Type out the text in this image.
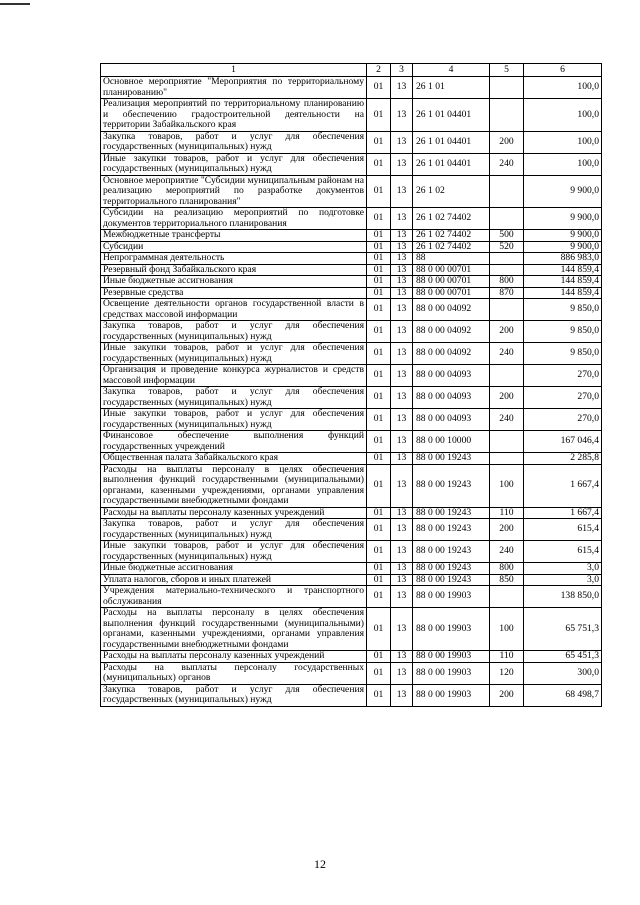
1	2	3	4	5	6
Основное мероприятие "Мероприятия по территориальному планированию"	01	13	26 1 01		100,0
Реализация мероприятий по территориальному планированию и обеспечению градостроительной деятельности на территории Забайкальского края	01	13	26 1 01 04401		100,0
Закупка товаров, работ и услуг для обеспечения государственных (муниципальных) нужд	01	13	26 1 01 04401	200	100,0
Иные закупки товаров, работ и услуг для обеспечения государственных (муниципальных) нужд	01	13	26 1 01 04401	240	100,0
Основное мероприятие "Субсидии муниципальным районам на реализацию мероприятий по разработке документов территориального планирования"	01	13	26 1 02		9 900,0
Субсидии на реализацию мероприятий по подготовке документов территориального планирования	01	13	26 1 02 74402		9 900,0
Межбюджетные трансферты	01	13	26 1 02 74402	500	9 900,0
Субсидии	01	13	26 1 02 74402	520	9 900,0
Непрограммная деятельность	01	13	88		886 983,0
Резервный фонд Забайкальского края	01	13	88 0 00 00701		144 859,4
Иные бюджетные ассигнования	01	13	88 0 00 00701	800	144 859,4
Резервные средства	01	13	88 0 00 00701	870	144 859,4
Освещение деятельности органов государственной власти в средствах массовой информации	01	13	88 0 00 04092		9 850,0
Закупка товаров, работ и услуг для обеспечения государственных (муниципальных) нужд	01	13	88 0 00 04092	200	9 850,0
Иные закупки товаров, работ и услуг для обеспечения государственных (муниципальных) нужд	01	13	88 0 00 04092	240	9 850,0
Организация и проведение конкурса журналистов и средств массовой информации	01	13	88 0 00 04093		270,0
Закупка товаров, работ и услуг для обеспечения государственных (муниципальных) нужд	01	13	88 0 00 04093	200	270,0
Иные закупки товаров, работ и услуг для обеспечения государственных (муниципальных) нужд	01	13	88 0 00 04093	240	270,0
Финансовое обеспечение выполнения функций государственных учреждений	01	13	88 0 00 10000		167 046,4
Общественная палата Забайкальского края	01	13	88 0 00 19243		2 285,8
Расходы на выплаты персоналу в целях обеспечения выполнения функций государственными (муниципальными) органами, казенными учреждениями, органами управления государственными внебюджетными фондами	01	13	88 0 00 19243	100	1 667,4
Расходы на выплаты персоналу казенных учреждений	01	13	88 0 00 19243	110	1 667,4
Закупка товаров, работ и услуг для обеспечения государственных (муниципальных) нужд	01	13	88 0 00 19243	200	615,4
Иные закупки товаров, работ и услуг для обеспечения государственных (муниципальных) нужд	01	13	88 0 00 19243	240	615,4
Иные бюджетные ассигнования	01	13	88 0 00 19243	800	3,0
Уплата налогов, сборов и иных платежей	01	13	88 0 00 19243	850	3,0
Учреждения материально-технического и транспортного обслуживания	01	13	88 0 00 19903		138 850,0
Расходы на выплаты персоналу в целях обеспечения выполнения функций государственными (муниципальными) органами, казенными учреждениями, органами управления государственными внебюджетными фондами	01	13	88 0 00 19903	100	65 751,3
Расходы на выплаты персоналу казенных учреждений	01	13	88 0 00 19903	110	65 451,3
Расходы на выплаты персоналу государственных (муниципальных) органов	01	13	88 0 00 19903	120	300,0
Закупка товаров, работ и услуг для обеспечения государственных (муниципальных) нужд	01	13	88 0 00 19903	200	68 498,7
12
